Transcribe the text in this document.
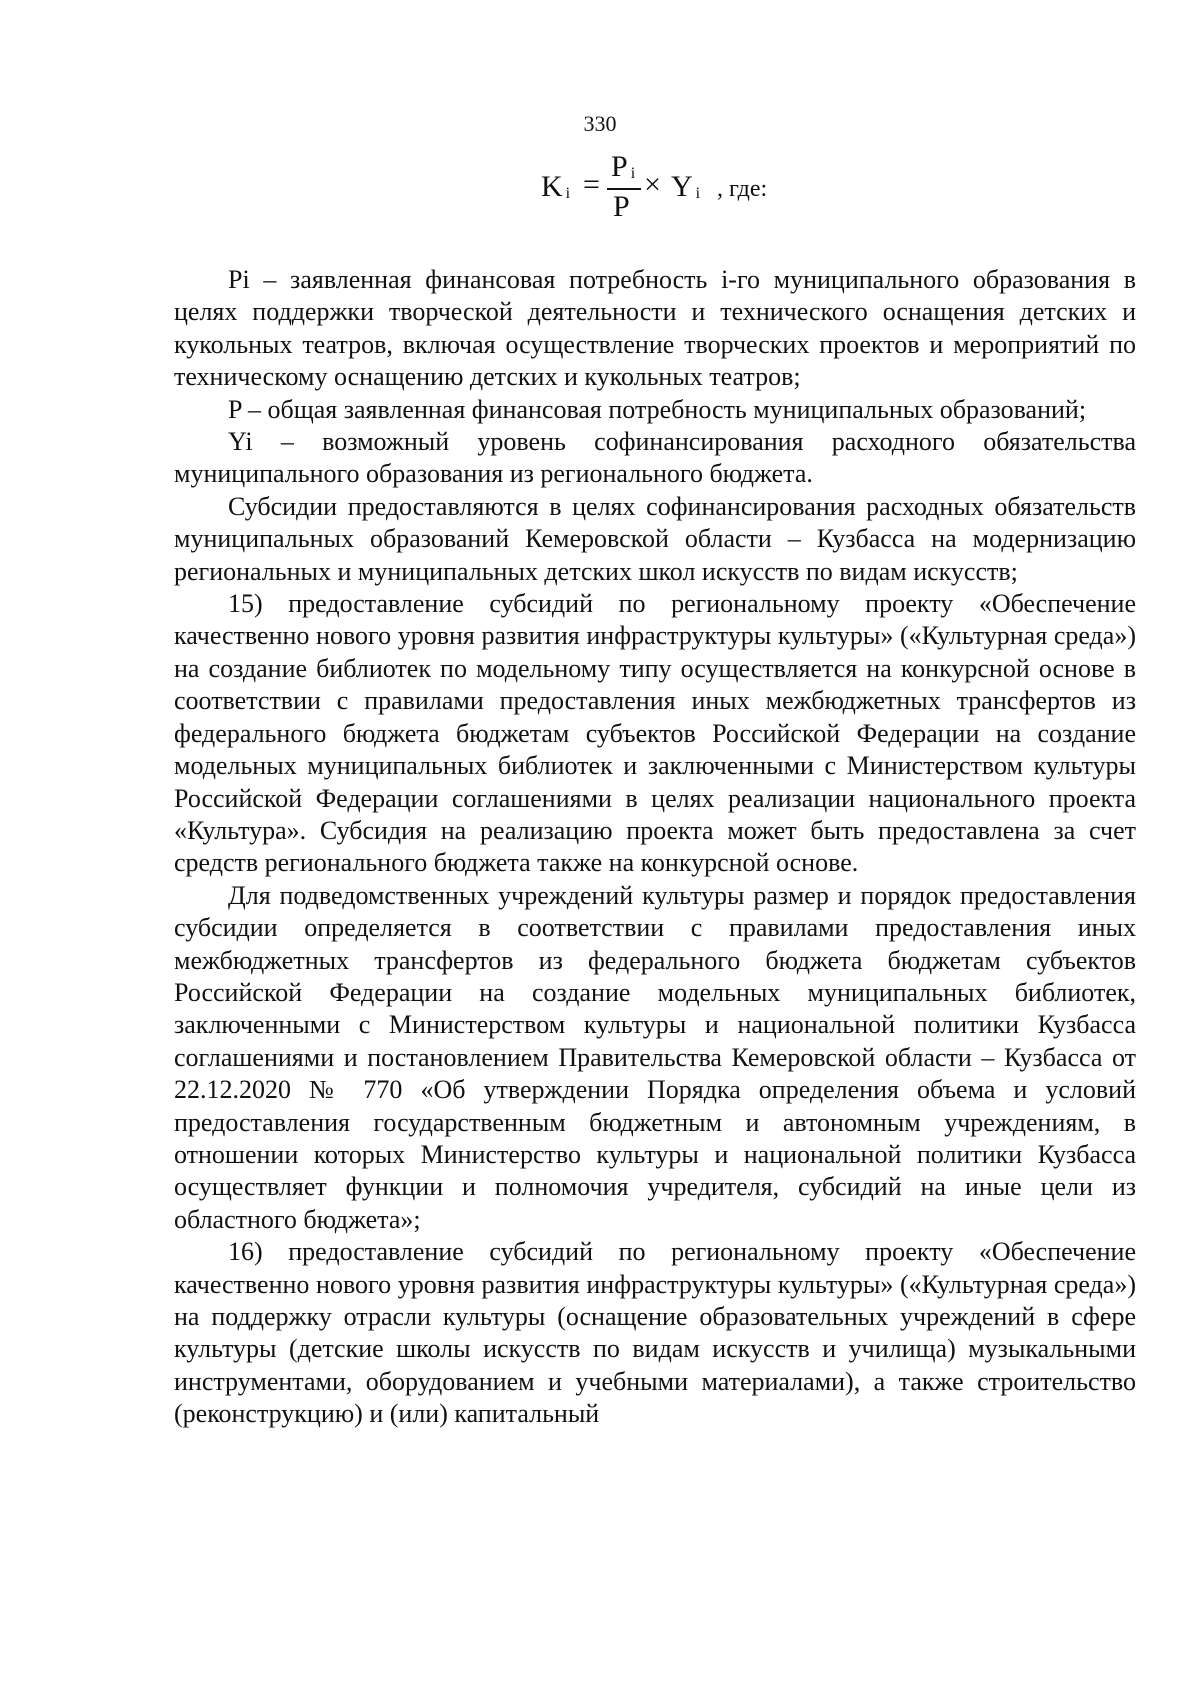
330
Ki =
Pi
P
× Yi , где:

Pi – заявленная финансовая потребность i-го муниципального образования в целях поддержки творческой деятельности и технического оснащения детских и кукольных театров, включая осуществление творческих проектов и мероприятий по техническому оснащению детских и кукольных театров;

P – общая заявленная финансовая потребность муниципальных образований;

Yi – возможный уровень софинансирования расходного обязательства муниципального образования из регионального бюджета.

Субсидии предоставляются в целях софинансирования расходных обязательств муниципальных образований Кемеровской области – Кузбасса на модернизацию региональных и муниципальных детских школ искусств по видам искусств;

15) предоставление субсидий по региональному проекту «Обеспечение качественно нового уровня развития инфраструктуры культуры» («Культурная среда») на создание библиотек по модельному типу осуществляется на конкурсной основе в соответствии с правилами предоставления иных межбюджетных трансфертов из федерального бюджета бюджетам субъектов Российской Федерации на создание модельных муниципальных библиотек и заключенными с Министерством культуры Российской Федерации соглашениями в целях реализации национального проекта «Культура». Субсидия на реализацию проекта может быть предоставлена за счет средств регионального бюджета также на конкурсной основе.

Для подведомственных учреждений культуры размер и порядок предоставления субсидии определяется в соответствии с правилами предоставления иных межбюджетных трансфертов из федерального бюджета бюджетам субъектов Российской Федерации на создание модельных муниципальных библиотек, заключенными с Министерством культуры и национальной политики Кузбасса соглашениями и постановлением Правительства Кемеровской области – Кузбасса от 22.12.2020 № 770 «Об утверждении Порядка определения объема и условий предоставления государственным бюджетным и автономным учреждениям, в отношении которых Министерство культуры и национальной политики Кузбасса осуществляет функции и полномочия учредителя, субсидий на иные цели из областного бюджета»;

16) предоставление субсидий по региональному проекту «Обеспечение качественно нового уровня развития инфраструктуры культуры» («Культурная среда») на поддержку отрасли культуры (оснащение образовательных учреждений в сфере культуры (детские школы искусств по видам искусств и училища) музыкальными инструментами, оборудованием и учебными материалами), а также строительство (реконструкцию) и (или) капитальный
